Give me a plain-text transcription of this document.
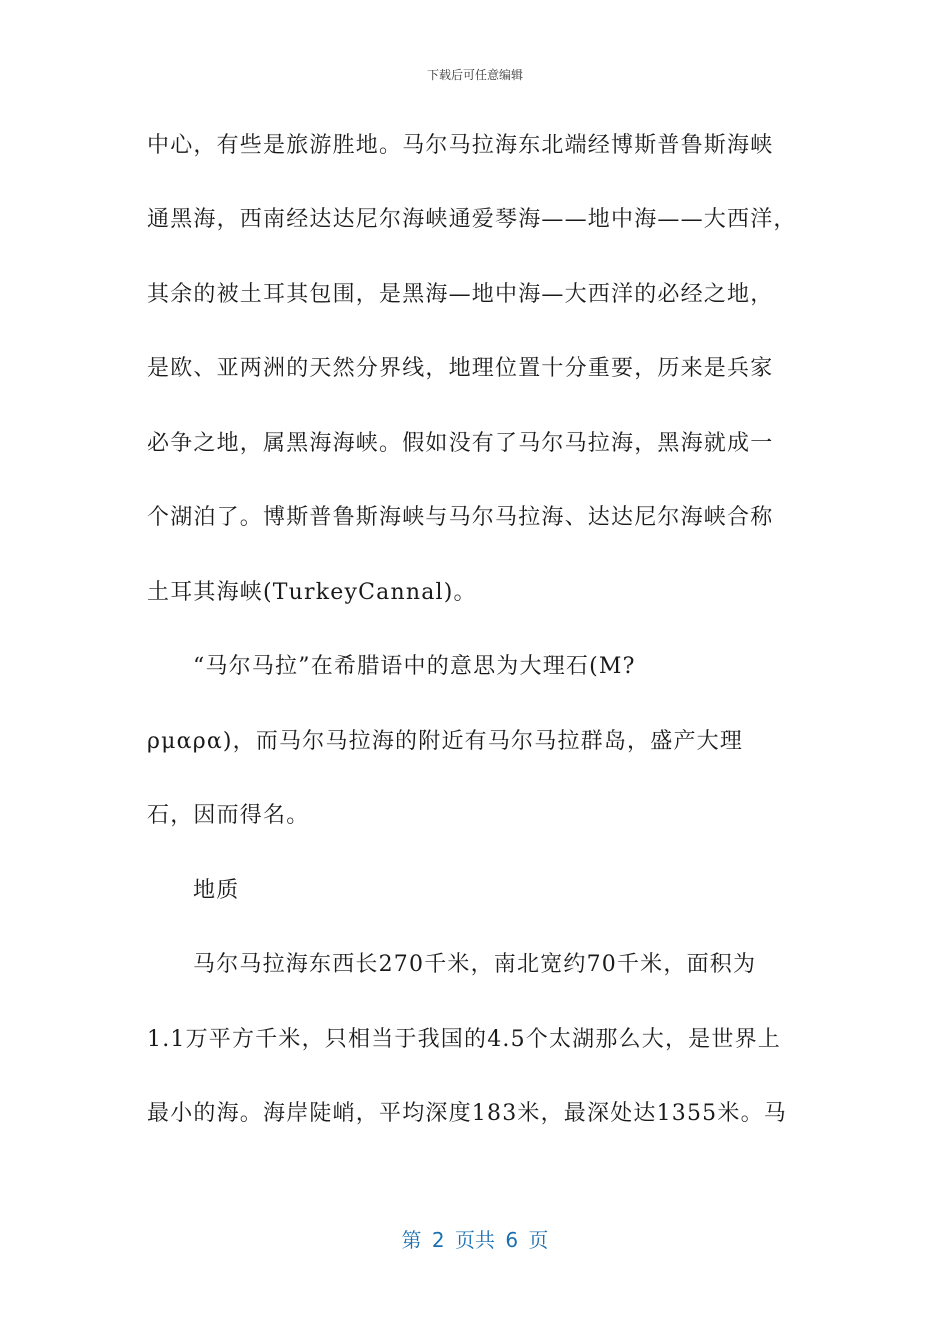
下载后可任意编辑
中心，有些是旅游胜地。马尔马拉海东北端经博斯普鲁斯海峡
通黑海，西南经达达尼尔海峡通爱琴海——地中海——大西洋，
其余的被土耳其包围，是黑海—地中海—大西洋的必经之地，
是欧、亚两洲的天然分界线，地理位置十分重要，历来是兵家
必争之地，属黑海海峡。假如没有了马尔马拉海，黑海就成一
个湖泊了。博斯普鲁斯海峡与马尔马拉海、达达尼尔海峡合称
土耳其海峡(TurkeyCannal)。
“马尔马拉”在希腊语中的意思为大理石(M?
ρμαρα)，而马尔马拉海的附近有马尔马拉群岛，盛产大理
石，因而得名。
地质
马尔马拉海东西长270千米，南北宽约70千米，面积为
1.1万平方千米，只相当于我国的4.5个太湖那么大，是世界上
最小的海。海岸陡峭，平均深度183米，最深处达1355米。马
第 2 页共 6 页
